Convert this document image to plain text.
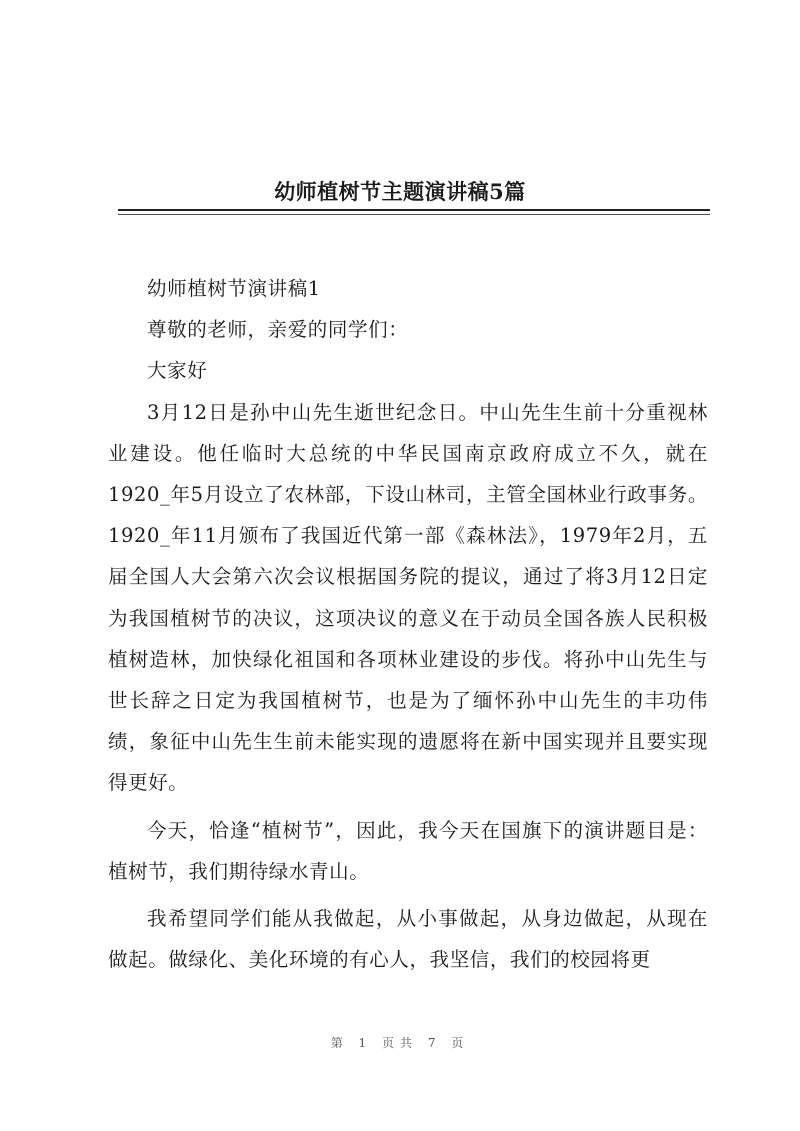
幼师植树节主题演讲稿5篇

幼师植树节演讲稿1

尊敬的老师，亲爱的同学们：

大家好

3月12日是孙中山先生逝世纪念日。中山先生生前十分重视林业建设。他任临时大总统的中华民国南京政府成立不久，就在1920_年5月设立了农林部，下设山林司，主管全国林业行政事务。1920_年11月颁布了我国近代第一部《森林法》，1979年2月，五届全国人大会第六次会议根据国务院的提议，通过了将3月12日定为我国植树节的决议，这项决议的意义在于动员全国各族人民积极植树造林，加快绿化祖国和各项林业建设的步伐。将孙中山先生与世长辞之日定为我国植树节，也是为了缅怀孙中山先生的丰功伟绩，象征中山先生生前未能实现的遗愿将在新中国实现并且要实现得更好。

今天，恰逢“植树节”，因此，我今天在国旗下的演讲题目是：植树节，我们期待绿水青山。

我希望同学们能从我做起，从小事做起，从身边做起，从现在做起。做绿化、美化环境的有心人，我坚信，我们的校园将更

第 1 页共 7 页
